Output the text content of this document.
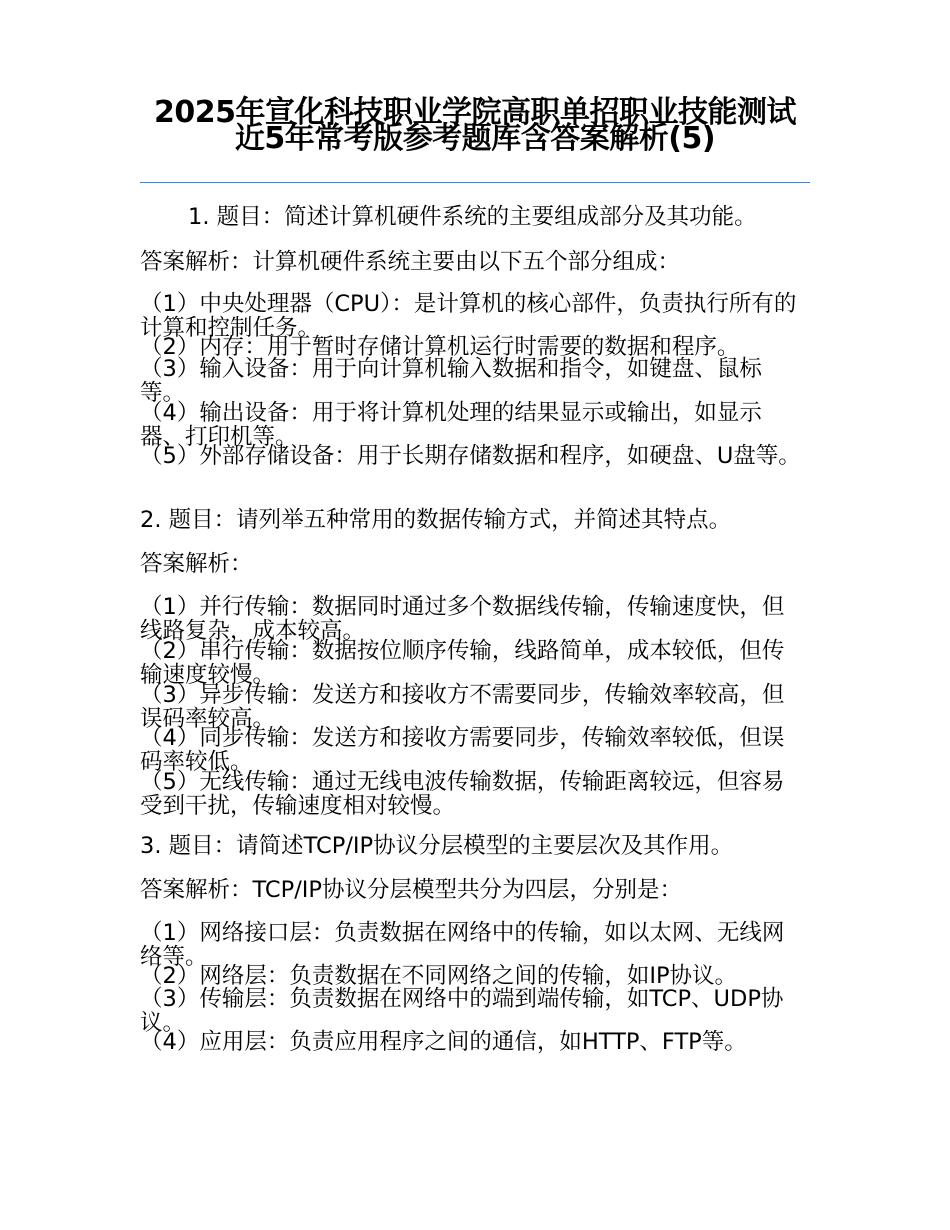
2025年宣化科技职业学院高职单招职业技能测试近5年常考版参考题库含答案解析(5)

1. 题目：简述计算机硬件系统的主要组成部分及其功能。

答案解析：计算机硬件系统主要由以下五个部分组成：

（1）中央处理器（CPU）：是计算机的核心部件，负责执行所有的计算和控制任务。

（2）内存：用于暂时存储计算机运行时需要的数据和程序。

（3）输入设备：用于向计算机输入数据和指令，如键盘、鼠标等。

（4）输出设备：用于将计算机处理的结果显示或输出，如显示器、打印机等。

（5）外部存储设备：用于长期存储数据和程序，如硬盘、U盘等。

2. 题目：请列举五种常用的数据传输方式，并简述其特点。

答案解析：

（1）并行传输：数据同时通过多个数据线传输，传输速度快，但线路复杂，成本较高。

（2）串行传输：数据按位顺序传输，线路简单，成本较低，但传输速度较慢。

（3）异步传输：发送方和接收方不需要同步，传输效率较高，但误码率较高。

（4）同步传输：发送方和接收方需要同步，传输效率较低，但误码率较低。

（5）无线传输：通过无线电波传输数据，传输距离较远，但容易受到干扰，传输速度相对较慢。

3. 题目：请简述TCP/IP协议分层模型的主要层次及其作用。

答案解析：TCP/IP协议分层模型共分为四层，分别是：

（1）网络接口层：负责数据在网络中的传输，如以太网、无线网络等。

（2）网络层：负责数据在不同网络之间的传输，如IP协议。

（3）传输层：负责数据在网络中的端到端传输，如TCP、UDP协议。

（4）应用层：负责应用程序之间的通信，如HTTP、FTP等。
